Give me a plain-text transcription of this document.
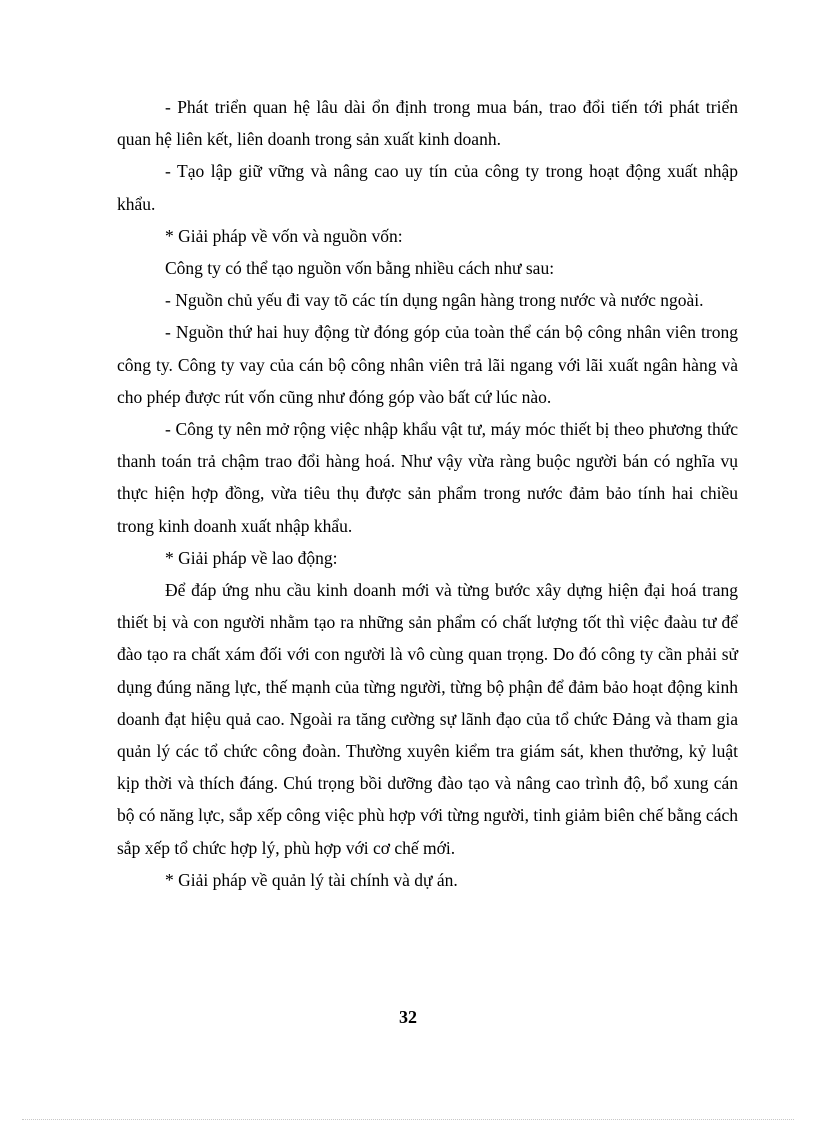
- Phát triển quan hệ lâu dài ổn định trong mua bán, trao đổi tiến tới phát triển quan hệ liên kết, liên doanh trong sản xuất kinh doanh.

- Tạo lập giữ vững và nâng cao uy tín của công ty trong hoạt động xuất nhập khẩu.

* Giải pháp về vốn và nguồn vốn:

Công ty có thể tạo nguồn vốn bằng nhiều cách như sau:

- Nguồn chủ yếu đi vay tõ các tín dụng ngân hàng trong nước và nước ngoài.

- Nguồn thứ hai huy động từ đóng góp của toàn thể cán bộ công nhân viên trong công ty. Công ty vay của cán bộ công nhân viên trả lãi ngang với lãi xuất ngân hàng và cho phép được rút vốn cũng như đóng góp vào bất cứ lúc nào.

- Công ty nên mở rộng việc nhập khẩu vật tư, máy móc thiết bị theo phương thức thanh toán trả chậm trao đổi hàng hoá. Như vậy vừa ràng buộc người bán có nghĩa vụ thực hiện hợp đồng, vừa tiêu thụ được sản phẩm trong nước đảm bảo tính hai chiều trong kinh doanh xuất nhập khẩu.

* Giải pháp về lao động:

Để đáp ứng nhu cầu kinh doanh mới và từng bước xây dựng hiện đại hoá trang thiết bị và con người nhằm tạo ra những sản phẩm có chất lượng tốt thì việc đaàu tư để đào tạo ra chất xám đối với con người là vô cùng quan trọng. Do đó công ty cần phải sử dụng đúng năng lực, thế mạnh của từng người, từng bộ phận để đảm bảo hoạt động kinh doanh đạt hiệu quả cao. Ngoài ra tăng cường sự lãnh đạo của tổ chức Đảng và tham gia quản lý các tổ chức công đoàn. Thường xuyên kiểm tra giám sát, khen thưởng, kỷ luật kịp thời và thích đáng. Chú trọng bồi dưỡng đào tạo và nâng cao trình độ, bổ xung cán bộ có năng lực, sắp xếp công việc phù hợp với từng người, tinh giảm biên chế bằng cách sắp xếp tổ chức hợp lý, phù hợp với cơ chế mới.

* Giải pháp về quản lý tài chính và dự án.

32
